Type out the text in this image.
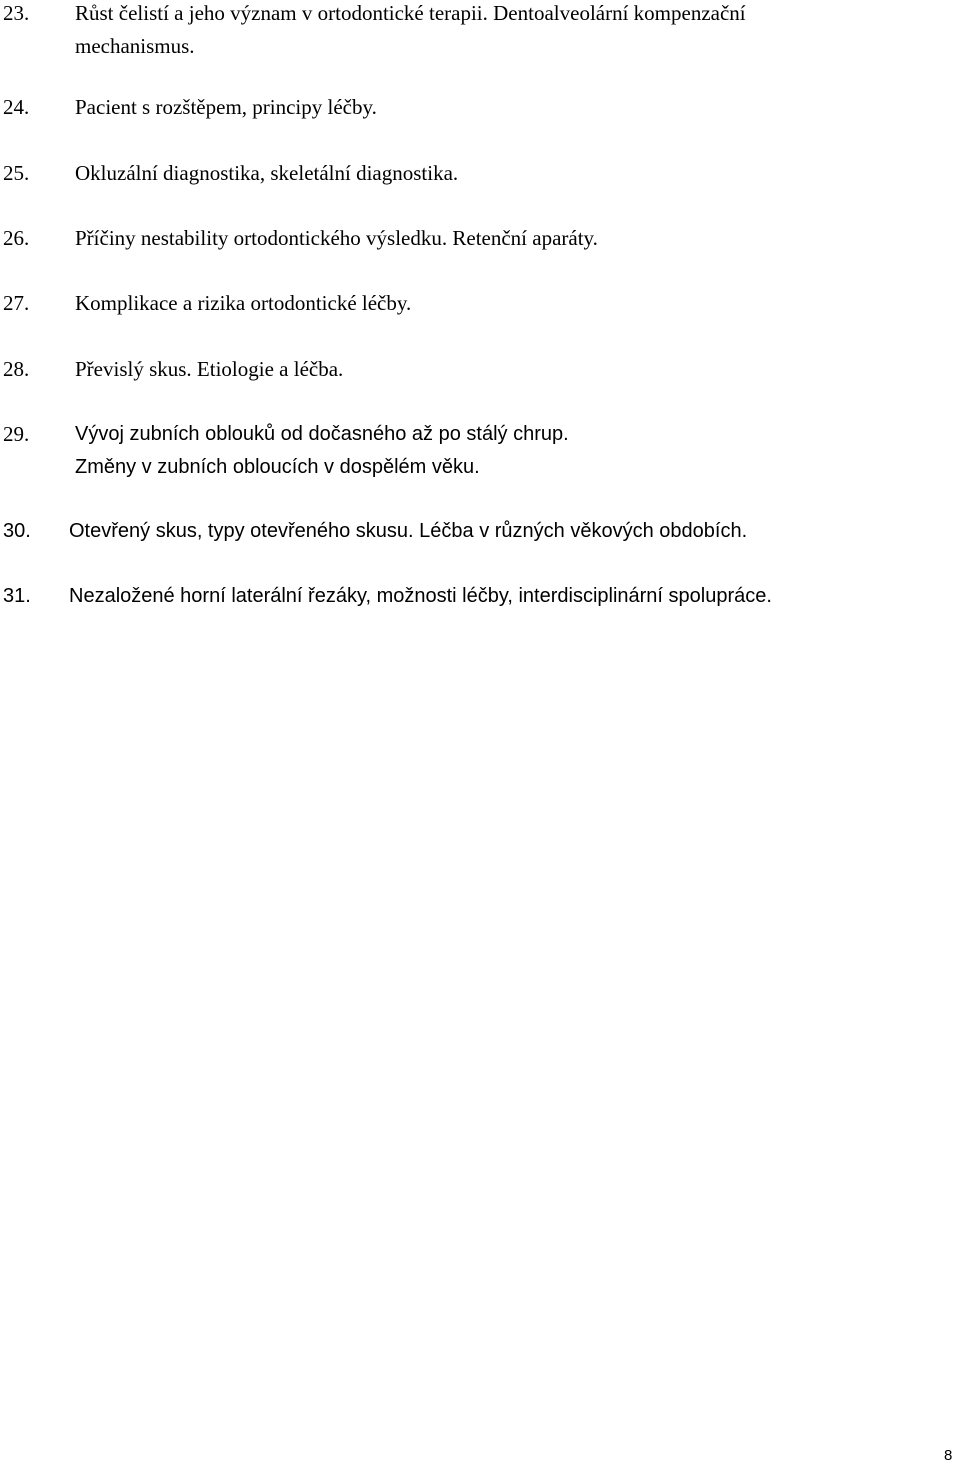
23. Růst čelistí a jeho význam v ortodontické terapii. Dentoalveolární kompenzační
mechanismus.
24. Pacient s rozštěpem, principy léčby.
25. Okluzální diagnostika, skeletální diagnostika.
26. Příčiny nestability ortodontického výsledku. Retenční aparáty.
27. Komplikace a rizika ortodontické léčby.
28. Převislý skus. Etiologie a léčba.
29. Vývoj zubních oblouků od dočasného až po stálý chrup.
Změny v zubních obloucích v dospělém věku.
30. Otevřený skus, typy otevřeného skusu. Léčba v různých věkových obdobích.
31. Nezaložené horní laterální řezáky, možnosti léčby, interdisciplinární spolupráce.
8
